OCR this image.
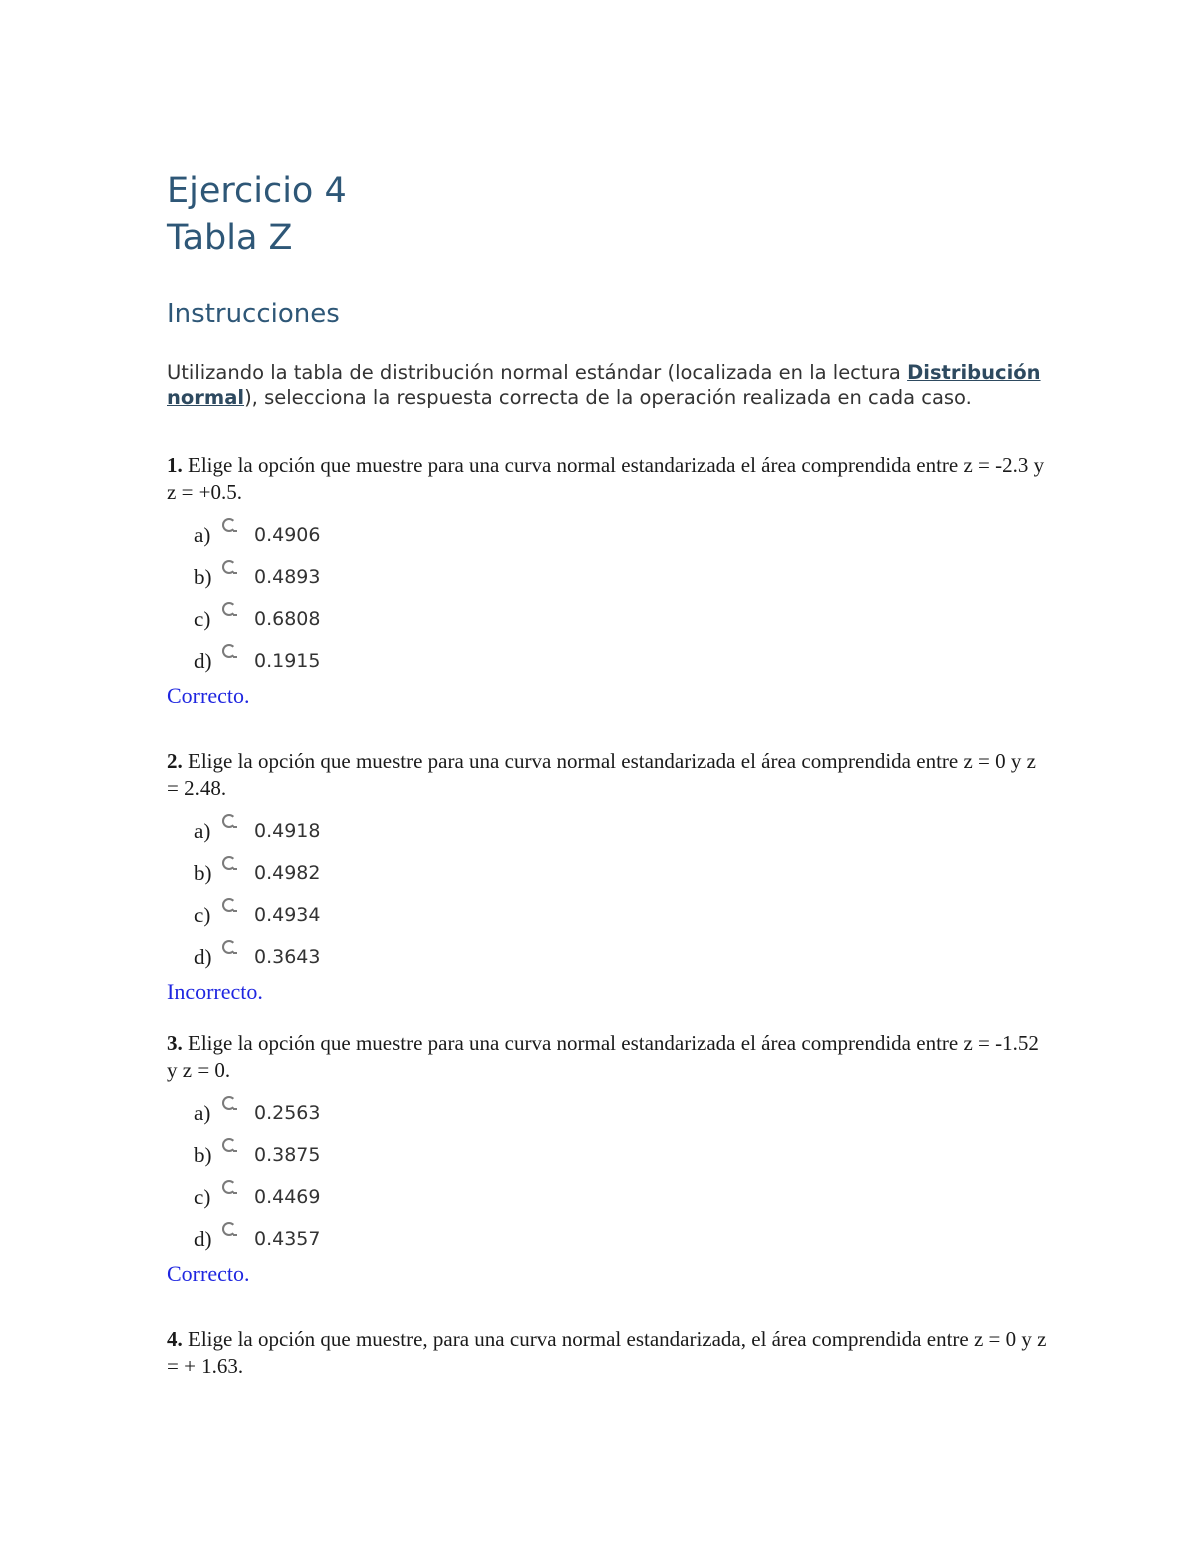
Ejercicio 4
Tabla Z
Instrucciones

Utilizando la tabla de distribución normal estándar (localizada en la lectura Distribución normal), selecciona la respuesta correcta de la operación realizada en cada caso.

1. Elige la opción que muestre para una curva normal estandarizada el área comprendida entre z = -2.3 y z = +0.5.

a)	0.4906
b)	0.4893
c)	0.6808
d)	0.1915

Correcto.

2. Elige la opción que muestre para una curva normal estandarizada el área comprendida entre z = 0 y z = 2.48.

a)	0.4918
b)	0.4982
c)	0.4934
d)	0.3643

Incorrecto.

3. Elige la opción que muestre para una curva normal estandarizada el área comprendida entre z = -1.52 y z = 0.

a)	0.2563
b)	0.3875
c)	0.4469
d)	0.4357

Correcto.

4. Elige la opción que muestre, para una curva normal estandarizada, el área comprendida entre z = 0 y z = + 1.63.
